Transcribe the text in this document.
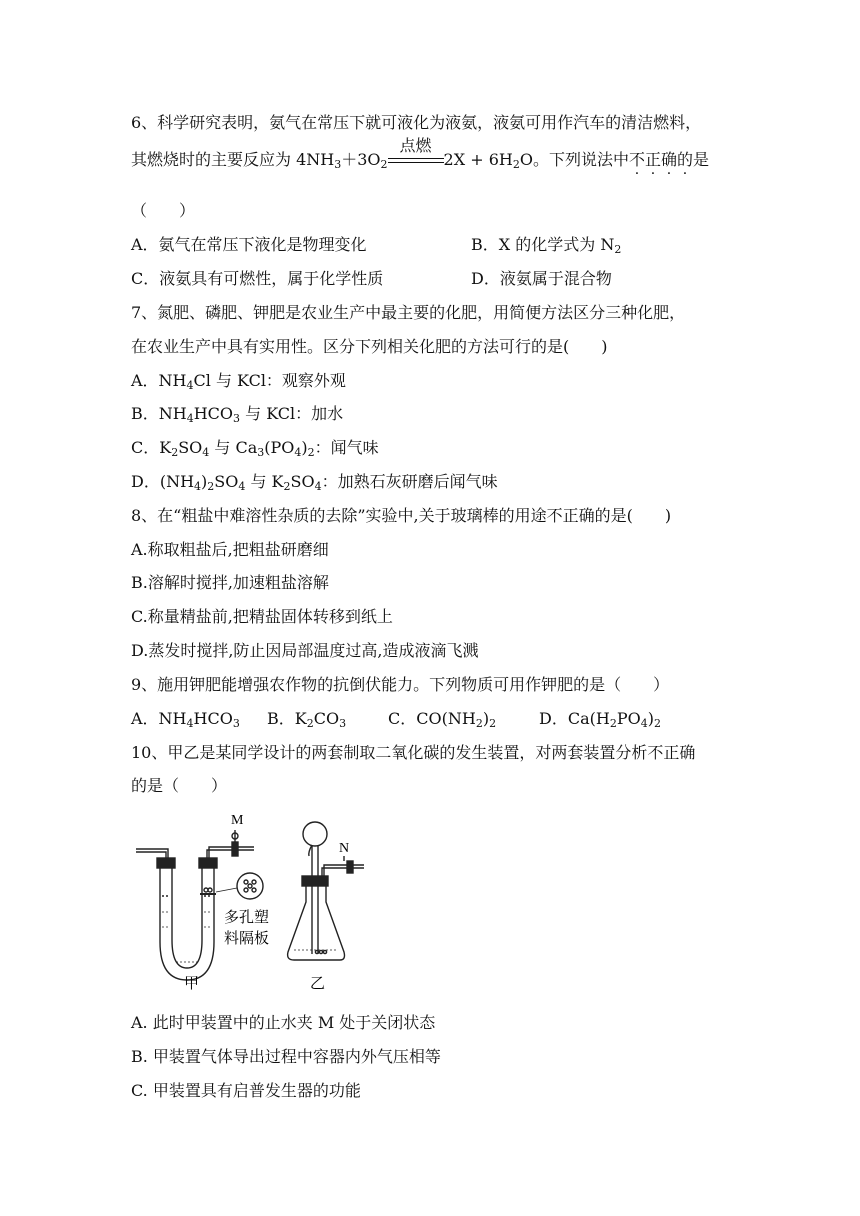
6、科学研究表明，氨气在常压下就可液化为液氨，液氨可用作汽车的清洁燃料，
其燃烧时的主要反应为 $4NH_3+3O_2$
点燃
$2X + 6H_2O$。下列说法中不正确的是
（　　）
A．氨气在常压下液化是物理变化	B．X 的化学式为 $N_2$
C．液氨具有可燃性，属于化学性质	D．液氨属于混合物
7、氮肥、磷肥、钾肥是农业生产中最主要的化肥，用简便方法区分三种化肥，
在农业生产中具有实用性。区分下列相关化肥的方法可行的是(　　)
A．$NH_4Cl$ 与 KCl：观察外观
B．$NH_4HCO_3$ 与 KCl：加水
C．$K_2SO_4$ 与 $Ca_3(PO_4)_2$：闻气味
D．$(NH_4)_2SO_4$ 与 $K_2SO_4$：加熟石灰研磨后闻气味
8、在“粗盐中难溶性杂质的去除”实验中,关于玻璃棒的用途不正确的是(　　)
A.称取粗盐后,把粗盐研磨细
B.溶解时搅拌,加速粗盐溶解
C.称量精盐前,把精盐固体转移到纸上
D.蒸发时搅拌,防止因局部温度过高,造成液滴飞溅
9、施用钾肥能增强农作物的抗倒伏能力。下列物质可用作钾肥的是（　　）
A．$NH_4HCO_3$ B．$K_2CO_3$	C．$CO(NH_2)_2$	D．$Ca(H_2PO_4)_2$
10、甲乙是某同学设计的两套制取二氧化碳的发生装置，对两套装置分析不正确
的是（　　）
M
N
多孔塑
料隔板
甲	乙
A. 此时甲装置中的止水夹 M 处于关闭状态
B. 甲装置气体导出过程中容器内外气压相等
C. 甲装置具有启普发生器的功能
